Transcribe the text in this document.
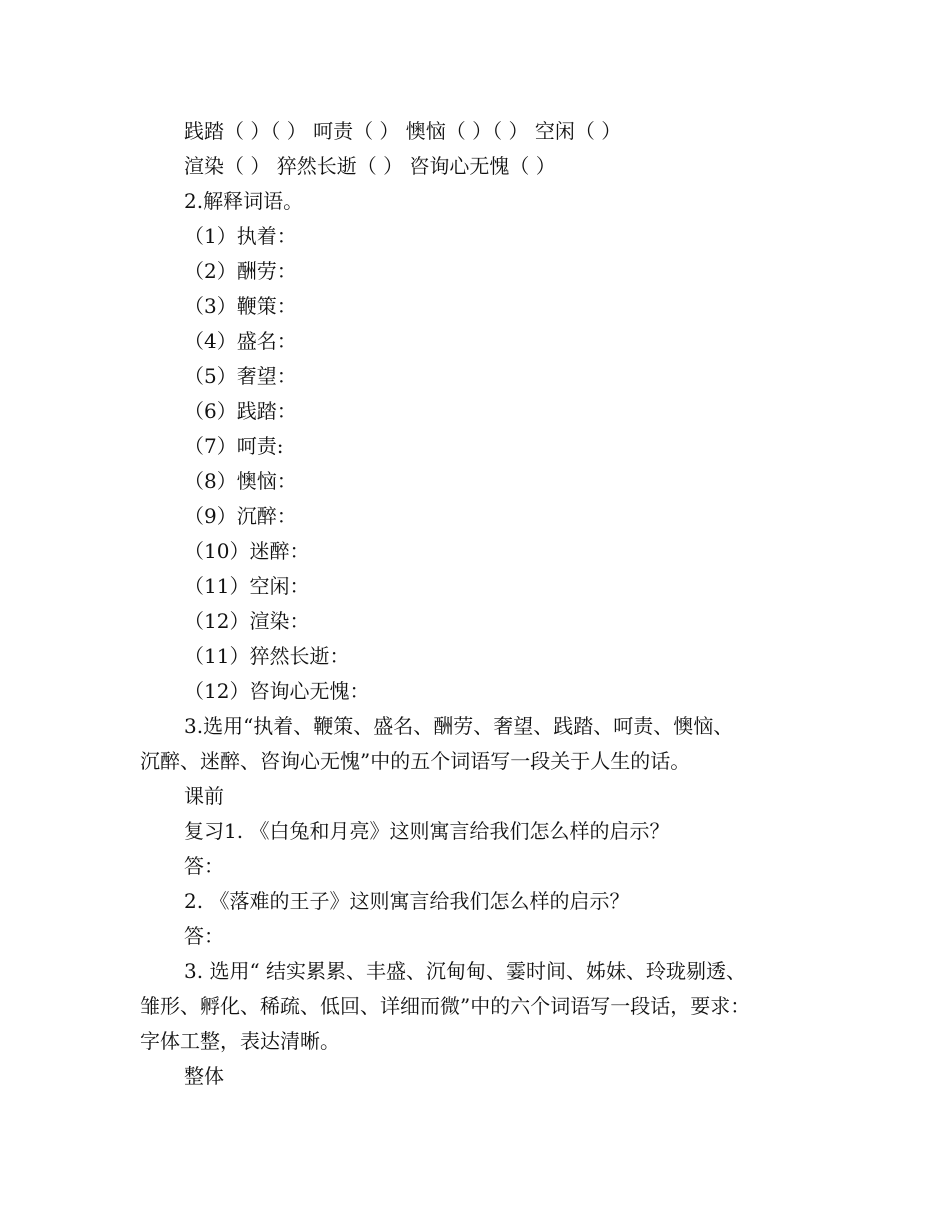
践踏（ ）（ ） 呵责（ ） 懊恼（ ）（ ） 空闲（ ）
渲染（ ） 猝然长逝（ ） 咨询心无愧（ ）
2.解释词语。
（1）执着：
（2）酬劳：
（3）鞭策：
（4）盛名：
（5）奢望：
（6）践踏：
（7）呵责:
（8）懊恼：
（9）沉醉：
（10）迷醉：
（11）空闲：
（12）渲染：
（11）猝然长逝：
（12）咨询心无愧：
3.选用“执着、鞭策、盛名、酬劳、奢望、践踏、呵责、懊恼、
沉醉、迷醉、咨询心无愧”中的五个词语写一段关于人生的话。
课前
复习1. 《白兔和月亮》这则寓言给我们怎么样的启示？
答：
2. 《落难的王子》这则寓言给我们怎么样的启示？
答：
3. 选用“ 结实累累、丰盛、沉甸甸、霎时间、姊妹、玲珑剔透、
雏形、孵化、稀疏、低回、详细而微”中的六个词语写一段话，要求：
字体工整，表达清晰。
整体
